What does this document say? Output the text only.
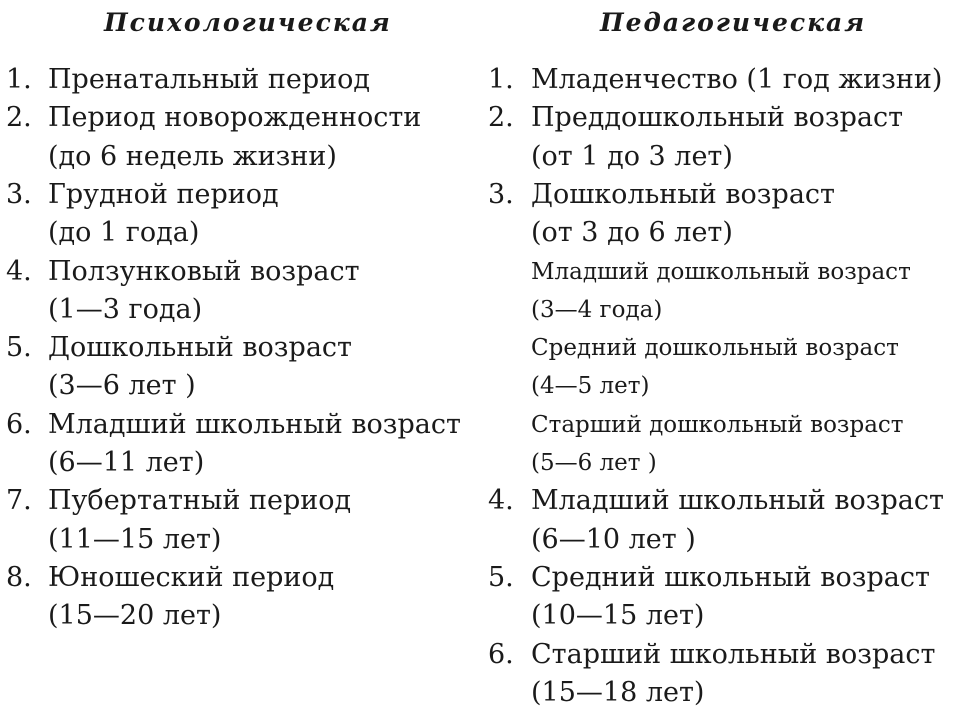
Психологическая	Педагогическая
1. Пренатальный период
2. Период новорожденности
(до 6 недель жизни)
3. Грудной период
(до 1 года)
4. Ползунковый возраст
(1—3 года)
5. Дошкольный возраст
(3—6 лет )
6. Младший школьный возраст
(6—11 лет)
7. Пубертатный период
(11—15 лет)
8. Юношеский период
(15—20 лет)
1. Младенчество (1 год жизни)
2. Преддошкольный возраст
(от 1 до 3 лет)
3. Дошкольный возраст
(от 3 до 6 лет)
Младший дошкольный возраст
(3—4 года)
Средний дошкольный возраст
(4—5 лет)
Старший дошкольный возраст
(5—6 лет )
4. Младший школьный возраст
(6—10 лет )
5. Средний школьный возраст
(10—15 лет)
6. Старший школьный возраст
(15—18 лет)
